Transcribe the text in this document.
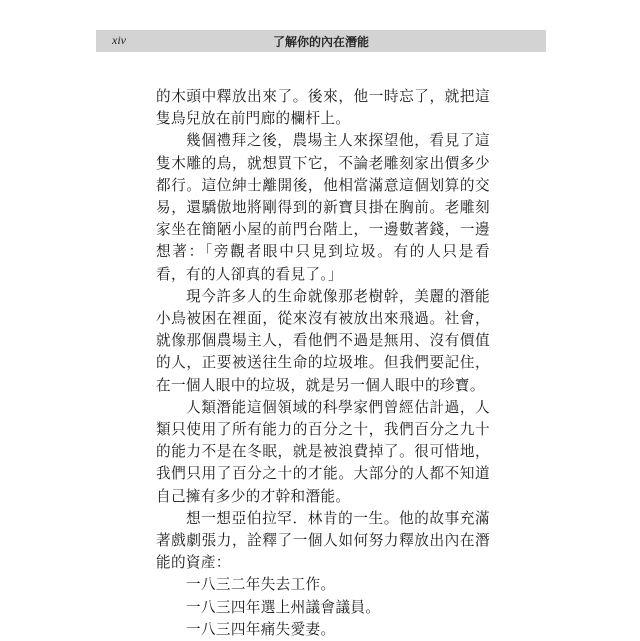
xiv	了解你的內在潛能

的木頭中釋放出來了。後來，他一時忘了，就把這隻鳥兒放在前門廊的欄杆上。

幾個禮拜之後，農場主人來探望他，看見了這隻木雕的鳥，就想買下它，不論老雕刻家出價多少都行。這位紳士離開後，他相當滿意這個划算的交易，還驕傲地將剛得到的新寶貝掛在胸前。老雕刻家坐在簡陋小屋的前門台階上，一邊數著錢，一邊想著：「旁觀者眼中只見到垃圾。有的人只是看看，有的人卻真的看見了。」

現今許多人的生命就像那老樹幹，美麗的潛能小鳥被困在裡面，從來沒有被放出來飛過。社會，就像那個農場主人，看他們不過是無用、沒有價值的人，正要被送往生命的垃圾堆。但我們要記住，在一個人眼中的垃圾，就是另一個人眼中的珍寶。

人類潛能這個領域的科學家們曾經估計過，人類只使用了所有能力的百分之十，我們百分之九十的能力不是在冬眠，就是被浪費掉了。很可惜地，我們只用了百分之十的才能。大部分的人都不知道自己擁有多少的才幹和潛能。

想一想亞伯拉罕．林肯的一生。他的故事充滿著戲劇張力，詮釋了一個人如何努力釋放出內在潛能的資產：

一八三二年失去工作。

一八三四年選上州議會議員。

一八三四年痛失愛妻。
